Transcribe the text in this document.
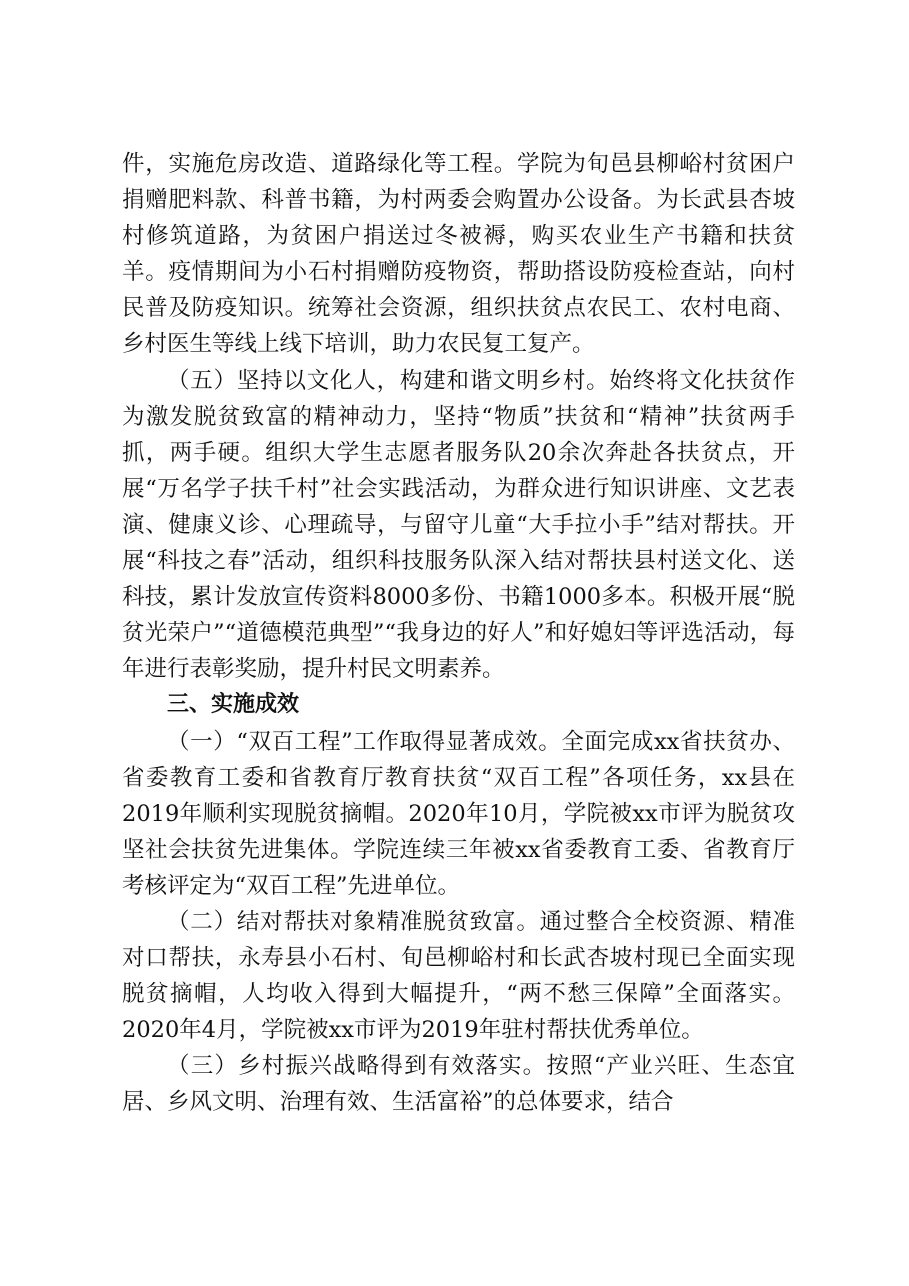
件，实施危房改造、道路绿化等工程。学院为旬邑县柳峪村贫困户捐赠肥料款、科普书籍，为村两委会购置办公设备。为长武县杏坡村修筑道路，为贫困户捐送过冬被褥，购买农业生产书籍和扶贫羊。疫情期间为小石村捐赠防疫物资，帮助搭设防疫检查站，向村民普及防疫知识。统筹社会资源，组织扶贫点农民工、农村电商、乡村医生等线上线下培训，助力农民复工复产。

（五）坚持以文化人，构建和谐文明乡村。始终将文化扶贫作为激发脱贫致富的精神动力，坚持“物质”扶贫和“精神”扶贫两手抓，两手硬。组织大学生志愿者服务队20余次奔赴各扶贫点，开展“万名学子扶千村”社会实践活动，为群众进行知识讲座、文艺表演、健康义诊、心理疏导，与留守儿童“大手拉小手”结对帮扶。开展“科技之春”活动，组织科技服务队深入结对帮扶县村送文化、送科技，累计发放宣传资料8000多份、书籍1000多本。积极开展“脱贫光荣户”“道德模范典型”“我身边的好人”和好媳妇等评选活动，每年进行表彰奖励，提升村民文明素养。

三、实施成效

（一）“双百工程”工作取得显著成效。全面完成xx省扶贫办、省委教育工委和省教育厅教育扶贫“双百工程”各项任务，xx县在2019年顺利实现脱贫摘帽。2020年10月，学院被xx市评为脱贫攻坚社会扶贫先进集体。学院连续三年被xx省委教育工委、省教育厅考核评定为“双百工程”先进单位。

（二）结对帮扶对象精准脱贫致富。通过整合全校资源、精准对口帮扶，永寿县小石村、旬邑柳峪村和长武杏坡村现已全面实现脱贫摘帽，人均收入得到大幅提升，“两不愁三保障”全面落实。2020年4月，学院被xx市评为2019年驻村帮扶优秀单位。

（三）乡村振兴战略得到有效落实。按照“产业兴旺、生态宜居、乡风文明、治理有效、生活富裕”的总体要求，结合
